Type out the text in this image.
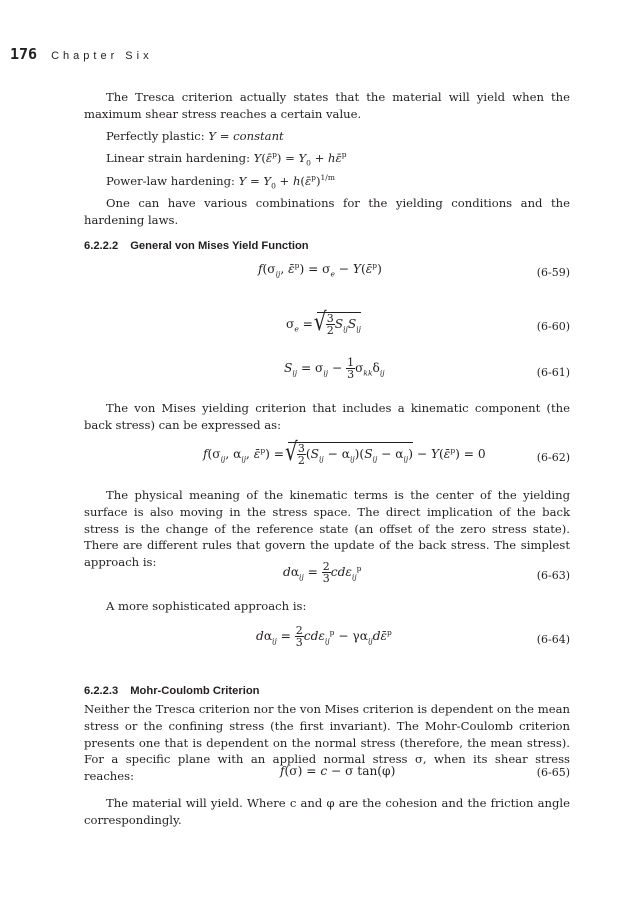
176 Chapter Six

The Tresca criterion actually states that the material will yield when the maximum shear stress reaches a certain value.

Perfectly plastic: Y = constant
Linear strain hardening: Y(ε̄$^p$) = $Y_0$ + hε̄$^p$
Power-law hardening: $Y = Y_0$ + h(ε̄$^p$)$^{1/m}$

One can have various combinations for the yielding conditions and the hardening laws.

6.2.2.2 General von Mises Yield Function
$f(\sigma_{ij}$, ε̄$^p$) = $\sigma_e$ − Y(ε̄$^p$)	(6-59)
$\sigma_e$ = √ $\frac{3}{2} S_{ij}S_{ij}$	(6-60)
$S_{ij} = \sigma_{ij} - \frac{1}{3} \sigma_{kk}\delta_{ij}$	(6-61)

The von Mises yielding criterion that includes a kinematic component (the back stress) can be expressed as:

$f(\sigma_{ij}$, $\alpha_{ij}$, ε̄$^p$) = √ $\frac{3}{2} (S_{ij} - \alpha_{ij})(S_{ij} - \alpha_{ij})$ − Y(ε̄$^p$) = 0	(6-62)

The physical meaning of the kinematic terms is the center of the yielding surface is also moving in the stress space. The direct implication of the back stress is the change of the reference state (an offset of the zero stress state). There are different rules that govern the update of the back stress. The simplest approach is:

$d\alpha_{ij} = \frac{2}{3} cd\varepsilon_{ij}^p$
(6-63)

A more sophisticated approach is:

$d\alpha_{ij} = \frac{2}{3} cd\varepsilon_{ij}^p$ − $\gamma\alpha_{ij}d\varepsilon̄^p$
(6-64)
6.2.2.3 Mohr-Coulomb Criterion

Neither the Tresca criterion nor the von Mises criterion is dependent on the mean stress or the confining stress (the first invariant). The Mohr-Coulomb criterion presents one that is dependent on the normal stress (therefore, the mean stress). For a specific plane with an applied normal stress σ, when its shear stress reaches:	f(σ) = c − σ tan(φ)	(6-65)

The material will yield. Where c and φ are the cohesion and the friction angle correspondingly.
